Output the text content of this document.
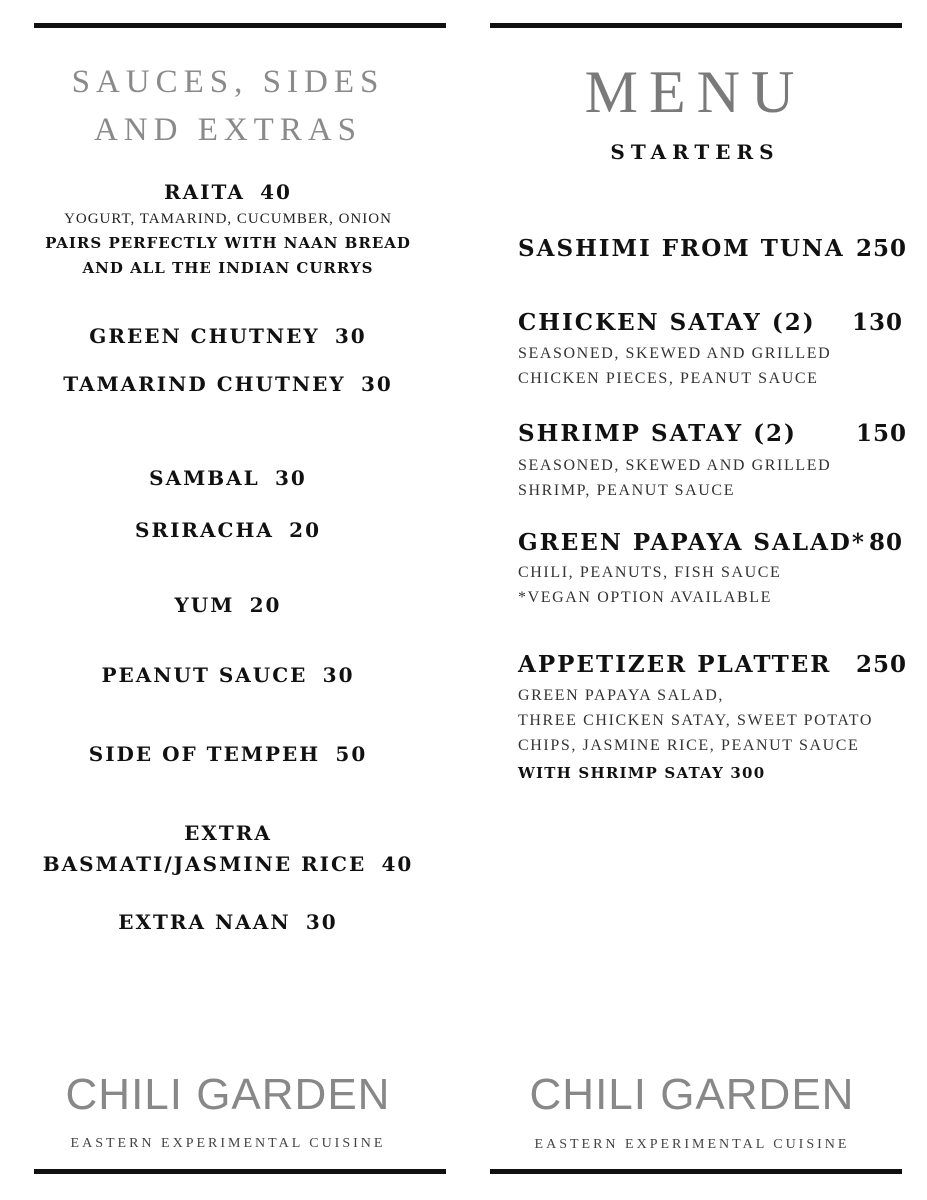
SAUCES, SIDES AND EXTRAS
RAITA 40
YOGURT, TAMARIND, CUCUMBER, ONION
PAIRS PERFECTLY WITH NAAN BREAD
AND ALL THE INDIAN CURRYS
GREEN CHUTNEY 30
TAMARIND CHUTNEY 30
SAMBAL 30
SRIRACHA 20
YUM 20
PEANUT SAUCE 30
SIDE OF TEMPEH 50
EXTRA
BASMATI/JASMINE RICE 40
EXTRA NAAN 30
CHILI GARDEN
EASTERN EXPERIMENTAL CUISINE
MENU
STARTERS
SASHIMI FROM TUNA 250
CHICKEN SATAY (2) 130
SEASONED, SKEWED AND GRILLED
CHICKEN PIECES, PEANUT SAUCE
SHRIMP SATAY (2)	150
SEASONED, SKEWED AND GRILLED
SHRIMP, PEANUT SAUCE
GREEN PAPAYA SALAD* 80
CHILI, PEANUTS, FISH SAUCE
*VEGAN OPTION AVAILABLE
APPETIZER PLATTER 250
GREEN PAPAYA SALAD,
THREE CHICKEN SATAY, SWEET POTATO
CHIPS, JASMINE RICE, PEANUT SAUCE
WITH SHRIMP SATAY 300
CHILI GARDEN
EASTERN EXPERIMENTAL CUISINE
